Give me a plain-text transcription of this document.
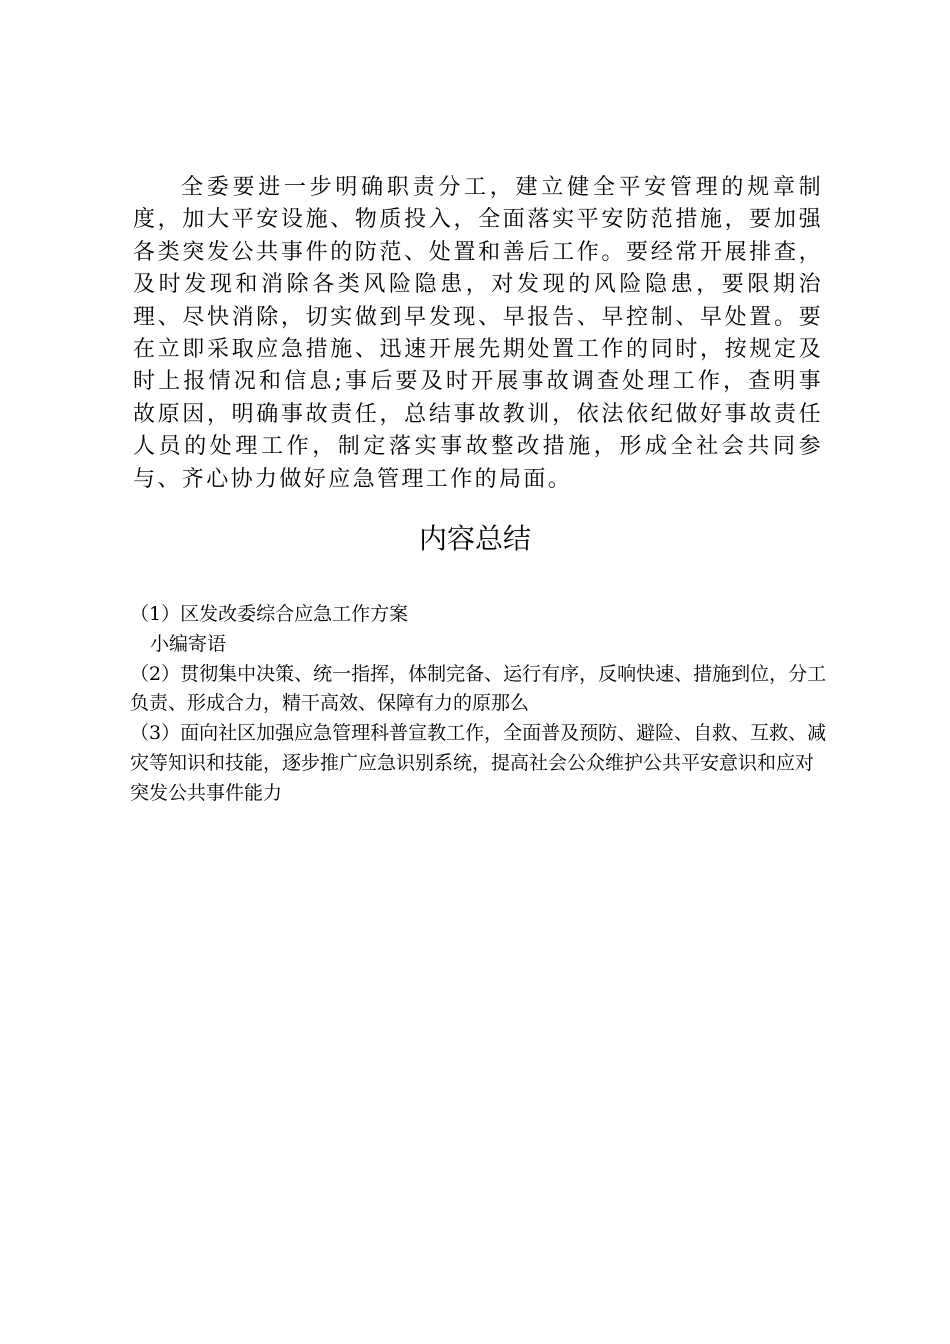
全委要进一步明确职责分工，建立健全平安管理的规章制度，加大平安设施、物质投入，全面落实平安防范措施，要加强各类突发公共事件的防范、处置和善后工作。要经常开展排查，及时发现和消除各类风险隐患，对发现的风险隐患，要限期治理、尽快消除，切实做到早发现、早报告、早控制、早处置。要在立即采取应急措施、迅速开展先期处置工作的同时，按规定及时上报情况和信息;事后要及时开展事故调查处理工作，查明事故原因，明确事故责任，总结事故教训，依法依纪做好事故责任人员的处理工作，制定落实事故整改措施，形成全社会共同参与、齐心协力做好应急管理工作的局面。

内容总结

（1）区发改委综合应急工作方案

小编寄语

（2）贯彻集中决策、统一指挥，体制完备、运行有序，反响快速、措施到位，分工负责、形成合力，精干高效、保障有力的原那么

（3）面向社区加强应急管理科普宣教工作，全面普及预防、避险、自救、互救、减灾等知识和技能，逐步推广应急识别系统，提高社会公众维护公共平安意识和应对突发公共事件能力
